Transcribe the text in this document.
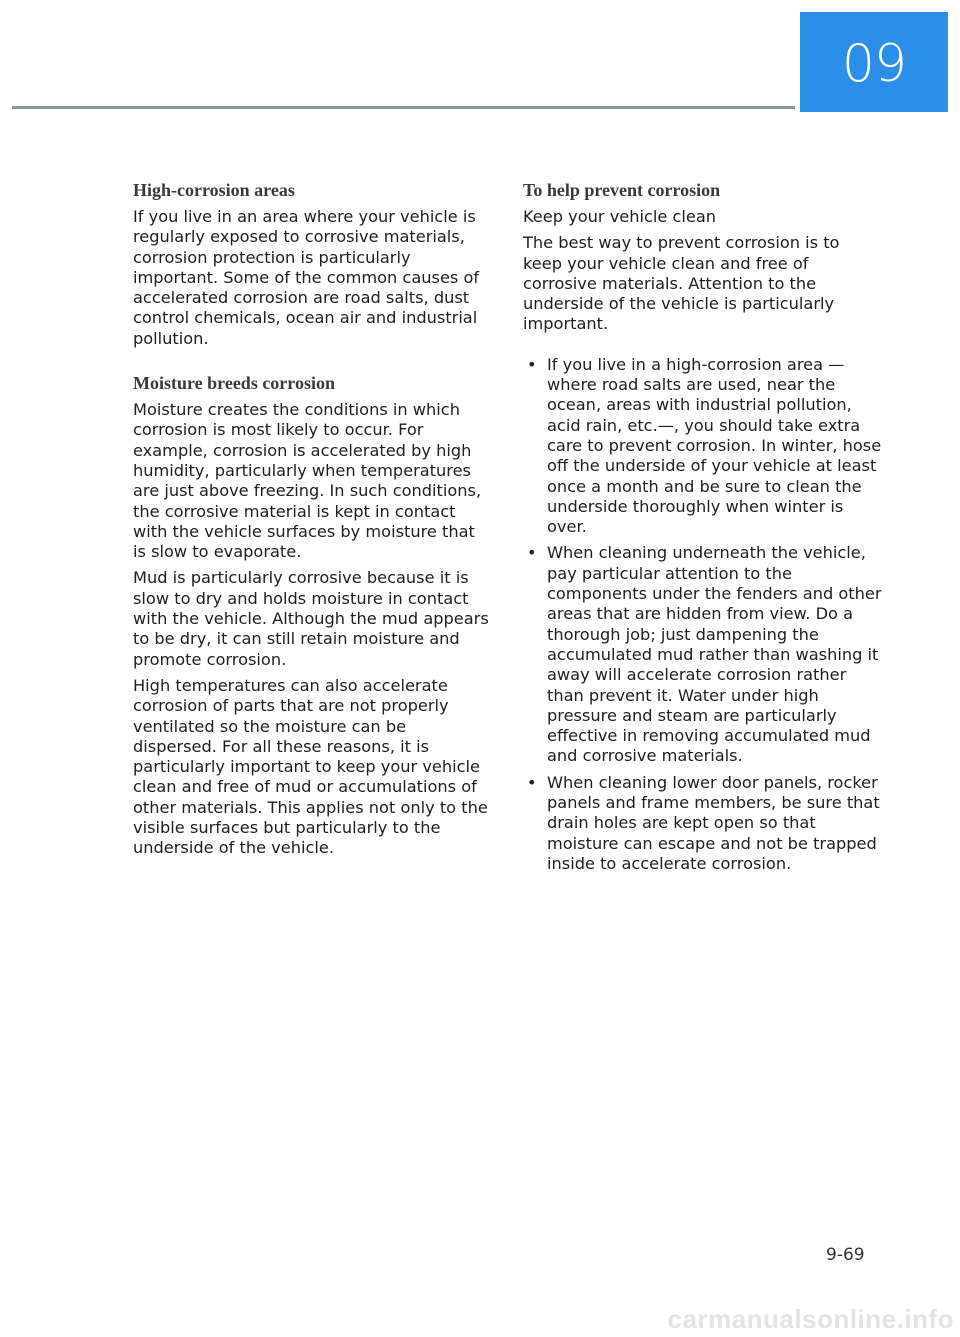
09
High-corrosion areas

If you live in an area where your vehicle is regularly exposed to corrosive materials, corrosion protection is particularly important. Some of the common causes of accelerated corrosion are road salts, dust control chemicals, ocean air and industrial pollution.

Moisture breeds corrosion

Moisture creates the conditions in which corrosion is most likely to occur. For example, corrosion is accelerated by high humidity, particularly when temperatures are just above freezing. In such conditions, the corrosive material is kept in contact with the vehicle surfaces by moisture that is slow to evaporate.

Mud is particularly corrosive because it is slow to dry and holds moisture in contact with the vehicle. Although the mud appears to be dry, it can still retain moisture and promote corrosion.

High temperatures can also accelerate corrosion of parts that are not properly ventilated so the moisture can be dispersed. For all these reasons, it is particularly important to keep your vehicle clean and free of mud or accumulations of other materials. This applies not only to the visible surfaces but particularly to the underside of the vehicle.

To help prevent corrosion

Keep your vehicle clean

The best way to prevent corrosion is to keep your vehicle clean and free of corrosive materials. Attention to the underside of the vehicle is particularly important.

• If you live in a high-corrosion area — where road salts are used, near the ocean, areas with industrial pollution, acid rain, etc.—, you should take extra care to prevent corrosion. In winter, hose off the underside of your vehicle at least once a month and be sure to clean the underside thoroughly when winter is over.
• When cleaning underneath the vehicle, pay particular attention to the components under the fenders and other areas that are hidden from view. Do a thorough job; just dampening the accumulated mud rather than washing it away will accelerate corrosion rather than prevent it. Water under high pressure and steam are particularly effective in removing accumulated mud and corrosive materials.
• When cleaning lower door panels, rocker panels and frame members, be sure that drain holes are kept open so that moisture can escape and not be trapped inside to accelerate corrosion.
9-69
carmanualsonline.info
